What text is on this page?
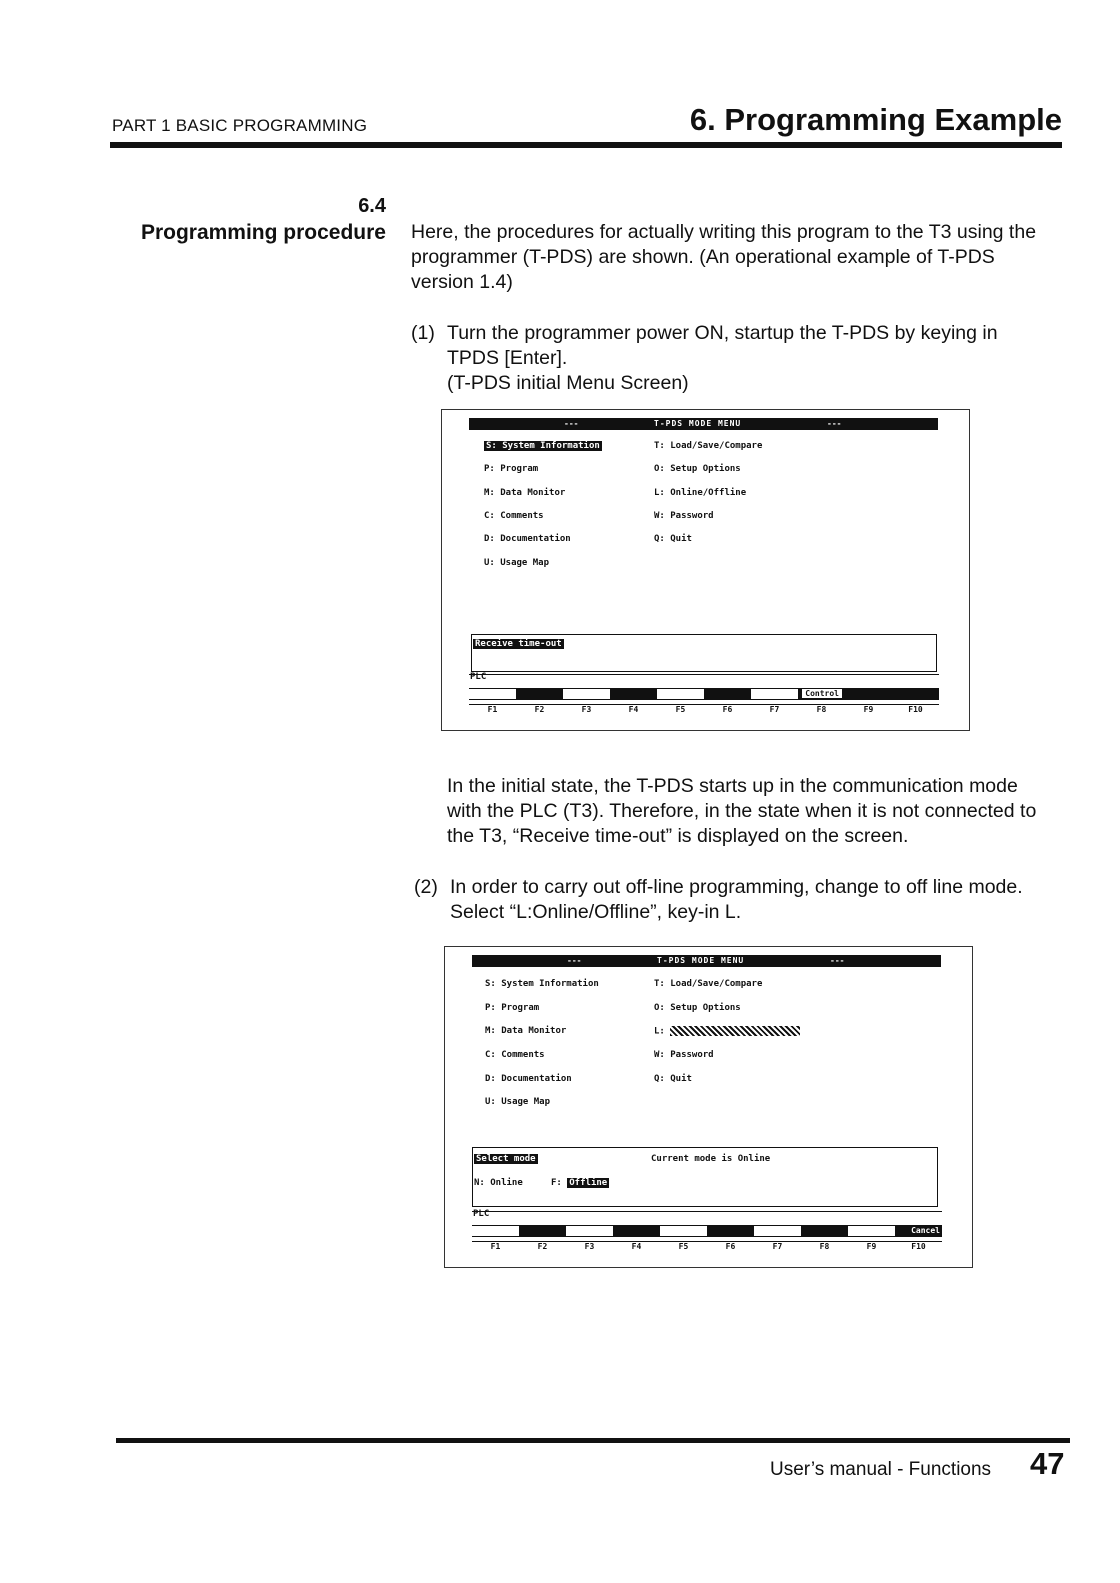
PART 1 BASIC PROGRAMMING	6. Programming Example
6.4
Programming procedure Here, the procedures for actually writing this program to the T3 using the programmer (T-PDS) are shown. (An operational example of T-PDS version 1.4)
(1) Turn the programmer power ON, startup the T-PDS by keying in TPDS [Enter].
(T-PDS initial Menu Screen)
---	T-PDS MODE MENU	---
S: System Information
P: Program
M: Data Monitor
C: Comments
D: Documentation
U: Usage Map
T: Load/Save/Compare
O: Setup Options
L: Online/Offline
W: Password
Q: Quit
Receive time-out
PLC
Control
F1	F2	F3	F4	F5	F6	F7	F8	F9	F10
In the initial state, the T-PDS starts up in the communication mode with the PLC (T3). Therefore, in the state when it is not connected to the T3, “Receive time-out” is displayed on the screen.
(2) In order to carry out off-line programming, change to off line mode. Select “L:Online/Offline”, key-in L.
---	T-PDS MODE MENU	---
S: System Information
P: Program
M: Data Monitor
C: Comments
D: Documentation
U: Usage Map
T: Load/Save/Compare
O: Setup Options
L:
W: Password
Q: Quit
Select mode	Current mode is Online
N: Online	F: Offline
PLC
Cancel
F1	F2	F3	F4	F5	F6	F7	F8	F9	F10
User’s manual - Functions 47
